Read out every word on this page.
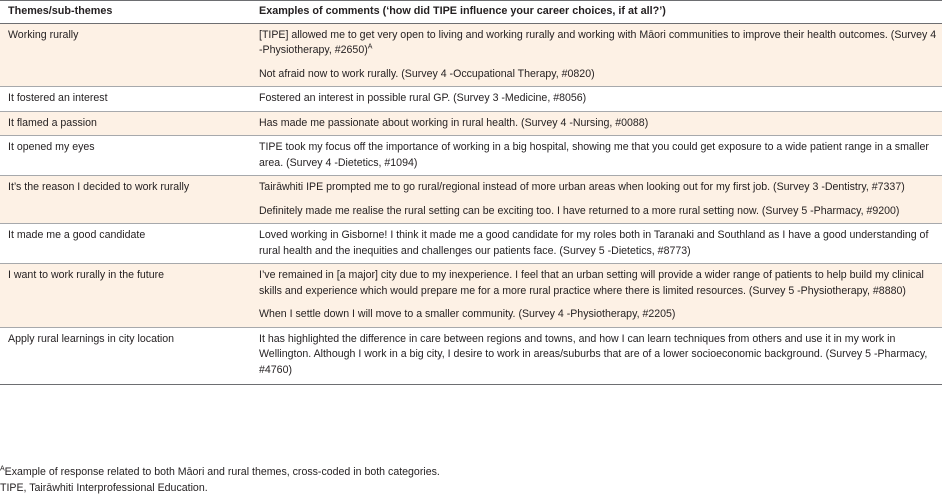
Themes/sub-themes	Examples of comments (‘how did TIPE influence your career choices, if at all?’)
Working rurally	[TIPE] allowed me to get very open to living and working rurally and working with Māori communities to improve their health outcomes. (Survey 4 -Physiotherapy, #2650)$^A$

Not afraid now to work rurally. (Survey 4 -Occupational Therapy, #0820)

It fostered an interest	Fostered an interest in possible rural GP. (Survey 3 -Medicine, #8056)

It flamed a passion	Has made me passionate about working in rural health. (Survey 4 -Nursing, #0088)

It opened my eyes	TIPE took my focus off the importance of working in a big hospital, showing me that you could get exposure to a wide patient range in a smaller area. (Survey 4 -Dietetics, #1094)

It’s the reason I decided to work rurally	Tairāwhiti IPE prompted me to go rural/regional instead of more urban areas when looking out for my first job. (Survey 3 -Dentistry, #7337)

Definitely made me realise the rural setting can be exciting too. I have returned to a more rural setting now. (Survey 5 -Pharmacy, #9200)

It made me a good candidate	Loved working in Gisborne! I think it made me a good candidate for my roles both in Taranaki and Southland as I have a good understanding of rural health and the inequities and challenges our patients face. (Survey 5 -Dietetics, #8773)

I want to work rurally in the future	I’ve remained in [a major] city due to my inexperience. I feel that an urban setting will provide a wider range of patients to help build my clinical skills and experience which would prepare me for a more rural practice where there is limited resources. (Survey 5 -Physiotherapy, #8880)

When I settle down I will move to a smaller community. (Survey 4 -Physiotherapy, #2205)

Apply rural learnings in city location	It has highlighted the difference in care between regions and towns, and how I can learn techniques from others and use it in my work in Wellington. Although I work in a big city, I desire to work in areas/suburbs that are of a lower socioeconomic background. (Survey 5 -Pharmacy, #4760)

$^A$Example of response related to both Māori and rural themes, cross-coded in both categories.
TIPE, Tairāwhiti Interprofessional Education.
